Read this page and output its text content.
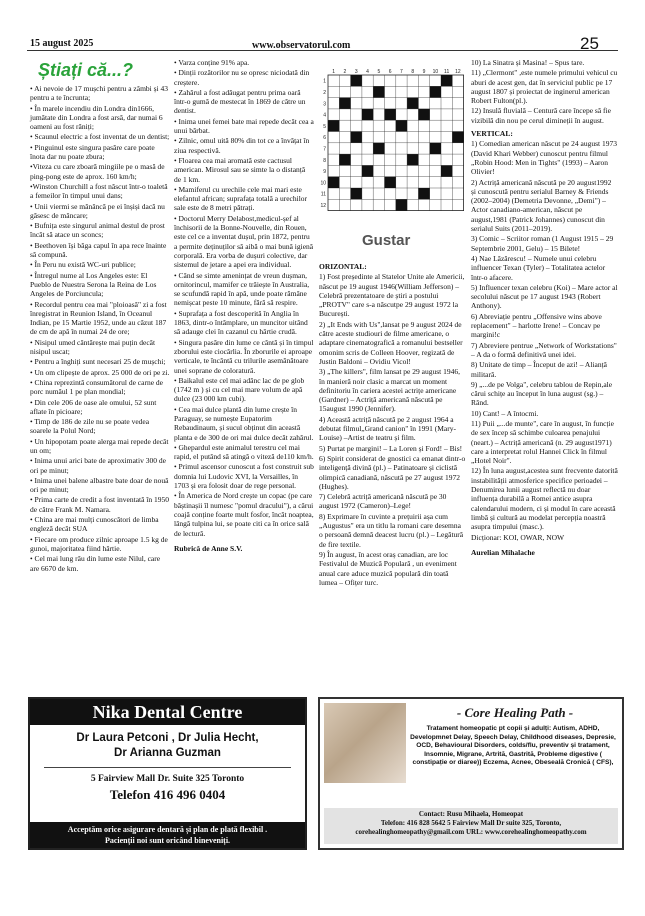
15 august 2025	www.observatorul.com	25
Știați că...?

• Ai nevoie de 17 mușchi pentru a zâmbi și 43 pentru a te încrunta;

• În marele incendiu din Londra din1666, jumătate din Londra a fost arsă, dar numai 6 oameni au fost răniți;

• Scaunul electric a fost inventat de un dentist;

• Pinguinul este singura pasăre care poate înota dar nu poate zbura;

•Viteza cu care zboară mingiile pe o masă de ping-pong este de aprox. 160 km/h;

•Winston Churchill a fost născut într-o toaletă a femeilor în timpul unui dans;

• Unii viermi se mănâncă pe ei înșiși dacă nu găsesc de mâncare;

• Bufnița este singurul animal destul de prost încât să atace un sconcs;

• Beethoven își băga capul în apa rece înainte să compună.

• În Peru nu există WC-uri publice;

• Întregul nume al Los Angeles este: El Pueblo de Nuestra Serona la Reina de Los Angeles de Porciuncula;

• Recordul pentru cea mai "ploioasă" zi a fost înregistrat in Reunion Island, în Oceanul Indian, pe 15 Martie 1952, unde au căzut 187 de cm de apă în numai 24 de ore;

• Nisipul umed cântărește mai puțin decât nisipul uscat;

• Pentru a înghiți sunt necesari 25 de mușchi;

• Un om clipește de aprox. 25 000 de ori pe zi.

• China reprezintă consumătorul de carne de porc număul 1 pe plan mondial;

• Din cele 206 de oase ale omului, 52 sunt aflate în picioare;

• Timp de 186 de zile nu se poate vedea soarele la Polul Nord;

• Un hipopotam poate alerga mai repede decât un om;

• Inima unui arici bate de aproximativ 300 de ori pe minut;

• Inima unei balene albastre bate doar de nouă ori pe minut;

• Prima carte de credit a fost inventată în 1950 de către Frank M. Namara.

• China are mai mulți cunoscători de limba engleză decât SUA

• Fiecare om produce zilnic aproape 1.5 kg de gunoi, majoritatea fiind hârtie.

• Cel mai lung râu din lume este Nilul, care are 6670 de km.

• Varza conține 91% apa.

• Dinții rozătorilor nu se opresc niciodată din creștere.

• Zahărul a fost adăugat pentru prima oară într-o gumă de mestecat în 1869 de către un dentist.

• Inima unei femei bate mai repede decât cea a unui bărbat.

• Zilnic, omul uită 80% din tot ce a învățat în ziua respectivă.

• Floarea cea mai aromată este cactusul american. Mirosul sau se simte la o distanță de 1 km.

• Mamiferul cu urechile cele mai mari este elefantul african; suprafața totală a urechilor sale este de 8 metri pătrați.

• Doctorul Merry Delabost,medicul-șef al închisorii de la Bonne-Nouvelle, din Rouen, este cel ce a inventat dușul, prin 1872, pentru a permite deținuților să aibă o mai bună igienă corporală. Era vorba de dușuri colective, dar sistemul de jetare a apei era individual.

• Când se simte amenințat de vreun dușman, ornitorincul, mamifer ce trăiește în Australia, se scufundă rapid în apă, unde poate rămâne nemișcat peste 10 minute, fără să respire.

• Suprafața a fost descoperită în Anglia în 1863, dintr-o întâmplare, un muncitor uitând să adauge clei în cazanul cu hârtie crudă.

• Singura pasăre din lume ce cântă și în timpul zborului este ciocârlia. În zborurile ei aproape verticale, te încântă cu trilurile asemănătoare unei soprane de coloratură.

• Baikalul este cel mai adânc lac de pe glob (1742 m ) și cu cel mai mare volum de apă dulce (23 000 km cubi).

• Cea mai dulce plantă din lume crește în Paraguay, se numește Eupatorim Rebaudinaum, și sucul obținut din această planta e de 300 de ori mai dulce decât zahărul.

• Ghepardul este animalul terestru cel mai rapid, el putând să atingă o viteză de110 km/h.

• Primul ascensor cunoscut a fost construit sub domnia lui Ludovic XVI, la Versailles, în 1703 și era folosit doar de rege personal.

• În America de Nord crește un copac (pe care băștinașii îl numesc "pomul dracului"), a cărui coajă conține foarte mult fosfor, încât noaptea, lângă tulpina lui, se poate citi ca în orice sală de lectură.

Rubrică de Anne S.V.

1 2 3 4 5 6 7 8 9 10 11 12
1
2
3
4
5
6
7
8
9
10
11
12
Gustar

ORIZONTAL:

1) Fost președinte al Statelor Unite ale Americii, născut pe 19 august 1946(William Jefferson) – Celebră prezentatoare de știri a postului „PROTV" care s-a născutpe 29 august 1972 la București.

2) „It Ends with Us",lansat pe 9 august 2024 de către aceste studiouri de filme americane, o adaptare cinematografică a romanului bestseller omonim scris de Colleen Hoover, regizată de Justin Baldoni – Ovidiu Vicol!

3) „The killers", film lansat pe 29 august 1946, în manieră noir clasic a marcat un moment definitoriu în cariera acestei actrițe americane (Gardner) – Actriță americană născută pe 15august 1990 (Jennifer).

4) Această actriță născută pe 2 august 1964 a debutat filmul„Grand canion" în 1991 (Mary-Louise) –Artist de teatru și film.

5) Purtat pe margini! – La Loren și Ford! – Bis!

6) Spirit considerat de gnostici ca emanat dintr-o inteligență divină (pl.) – Patinatoare și ciclistă olimpică canadiană, născută pe 27 august 1972 (Hughes).

7) Celebră actriță americană născută pe 30 august 1972 (Cameron)–Lege!

8) Exprimare în cuvinte a prețuirii așa cum „Augustus" era un titlu la romani care desemna o persoană demnă deacest lucru (pl.) – Legătură de fire textile.

9) În august, în acest oraș canadian, are loc Festivalul de Muzică Populară , un eveniment anual care aduce muzică populară din toată lumea – Ofițer turc.

10) La Sinatra și Masina! – Spus tare.

11) „Clermont" ,este numele primului vehicul cu aburi de acest gen, dat în serviciul public pe 17 august 1807 și proiectat de inginerul american Robert Fulton(pl.).

12) Insulă fluvială – Centură care începe să fie vizibilă din nou pe cerul dimineții în august.

VERTICAL:

1) Comedian american născut pe 24 august 1973 (David Khari Webber) cunoscut pentru filmul „Robin Hood: Men in Tights" (1993) – Aaron Olivier!

2) Actriță americană născută pe 20 august1992 și cunoscută pentru serialul Barney & Friends (2002–2004) (Demetria Devonne, „Demi") – Actor canadiano-american, născut pe august,1981 (Patrick Johannes) cunoscut din serialul Suits (2011–2019).

3) Comic – Scriitor roman (1 August 1915 – 29 Septembrie 2001, Gelu) – 15 Bilete!

4) Nae Lăzărescu! – Numele unui celebru influencer Texan (Tyler) – Totalitatea actelor într-o afacere.

5) Influencer texan celebru (Koi) – Mare actor al secolului născut pe 17 august 1943 (Robert Anthony).

6) Abreviație pentru „Offensive wins above replacement" – harlotte Irene! – Concav pe margini!c

7) Abreviere pentrue „Network of Workstations" – A da o formă definitivă unei idei.

8) Unitate de timp – Început de azi! – Alianță militară.

9) „...de pe Volga", celebru tablou de Repin,ale cărui schițe au început în luna august (sg.) – Rând.

10) Cant! – A întocmi.

11) Puii „...de munte", care în august, în funcție de sex încep să schimbe culoarea penajului (neart.) – Actriță americană (n. 29 august1971) care a interpretat rolul Hannei Click în filmul „Hotel Noir".

12) În luna august,acestea sunt frecvente datorită instabilității atmosferice specifice perioadei – Denumirea lunii august reflectă nu doar influența durabilă a Romei antice asupra calendarului modern, ci și modul în care această limbă și cultură au modelat percepția noastră asupra timpului (masc.).

Dicționar: KOI, OWAR, NOW

Aurelian Mihalache

Nika Dental Centre
Dr Laura Petconi , Dr Julia Hecht,
Dr Arianna Guzman
5 Fairview Mall Dr. Suite 325 Toronto
Telefon 416 496 0404
Acceptăm orice asigurare dentară și plan de plată flexibil .
Pacienții noi sunt oricând bineveniți.
- Core Healing Path -
Tratament homeopatic pt copii și adulți: Autism, ADHD, Developmnet Delay, Speech Delay, Childhood diseases, Depresie, OCD, Behavioural Disorders, colds/flu, preventiv și tratament, Insomnie, Migrane, Artrită, Gastrită, Probleme digestive ( constipație or diaree)) Eczema, Acnee, Obeseală Cronică ( CFS),
Contact: Rusu Mihaela, Homeopat
Telefon: 416 828 5642 5 Fairview Mall Dr suite 325, Toronto,
corehealinghomeopathy@gmail.com URL: www.corehealinghomeopathy.com
